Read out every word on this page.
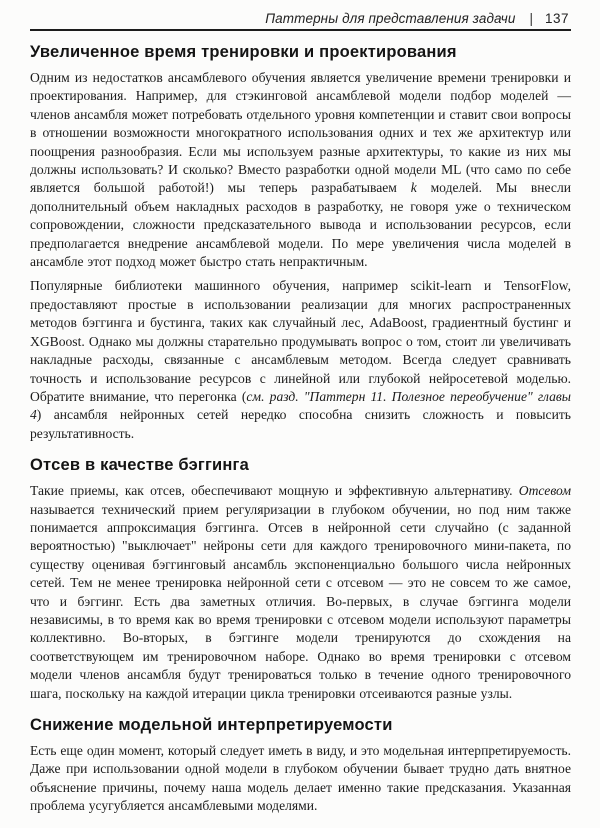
Паттерны для представления задачи | 137
Увеличенное время тренировки и проектирования

Одним из недостатков ансамблевого обучения является увеличение времени тренировки и проектирования. Например, для стэкинговой ансамблевой модели подбор моделей — членов ансамбля может потребовать отдельного уровня компетенции и ставит свои вопросы в отношении возможности многократного использования одних и тех же архитектур или поощрения разнообразия. Если мы используем разные архитектуры, то какие из них мы должны использовать? И сколько? Вместо разработки одной модели ML (что само по себе является большой работой!) мы теперь разрабатываем k моделей. Мы внесли дополнительный объем накладных расходов в разработку, не говоря уже о техническом сопровождении, сложности предсказательного вывода и использовании ресурсов, если предполагается внедрение ансамблевой модели. По мере увеличения числа моделей в ансамбле этот подход может быстро стать непрактичным.

Популярные библиотеки машинного обучения, например scikit-learn и TensorFlow, предоставляют простые в использовании реализации для многих распространенных методов бэггинга и бустинга, таких как случайный лес, AdaBoost, градиентный бустинг и XGBoost. Однако мы должны старательно продумывать вопрос о том, стоит ли увеличивать накладные расходы, связанные с ансамблевым методом. Всегда следует сравнивать точность и использование ресурсов с линейной или глубокой нейросетевой моделью. Обратите внимание, что перегонка (см. разд. "Паттерн 11. Полезное переобучение" главы 4) ансамбля нейронных сетей нередко способна снизить сложность и повысить результативность.

Отсев в качестве бэггинга

Такие приемы, как отсев, обеспечивают мощную и эффективную альтернативу. Отсевом называется технический прием регуляризации в глубоком обучении, но под ним также понимается аппроксимация бэггинга. Отсев в нейронной сети случайно (с заданной вероятностью) "выключает" нейроны сети для каждого тренировочного мини-пакета, по существу оценивая бэггинговый ансамбль экспоненциально большого числа нейронных сетей. Тем не менее тренировка нейронной сети с отсевом — это не совсем то же самое, что и бэггинг. Есть два заметных отличия. Во-первых, в случае бэггинга модели независимы, в то время как во время тренировки с отсевом модели используют параметры коллективно. Во-вторых, в бэггинге модели тренируются до схождения на соответствующем им тренировочном наборе. Однако во время тренировки с отсевом модели членов ансамбля будут тренироваться только в течение одного тренировочного шага, поскольку на каждой итерации цикла тренировки отсеиваются разные узлы.

Снижение модельной интерпретируемости

Есть еще один момент, который следует иметь в виду, и это модельная интерпретируемость. Даже при использовании одной модели в глубоком обучении бывает трудно дать внятное объяснение причины, почему наша модель делает именно такие предсказания. Указанная проблема усугубляется ансамблевыми моделями.
